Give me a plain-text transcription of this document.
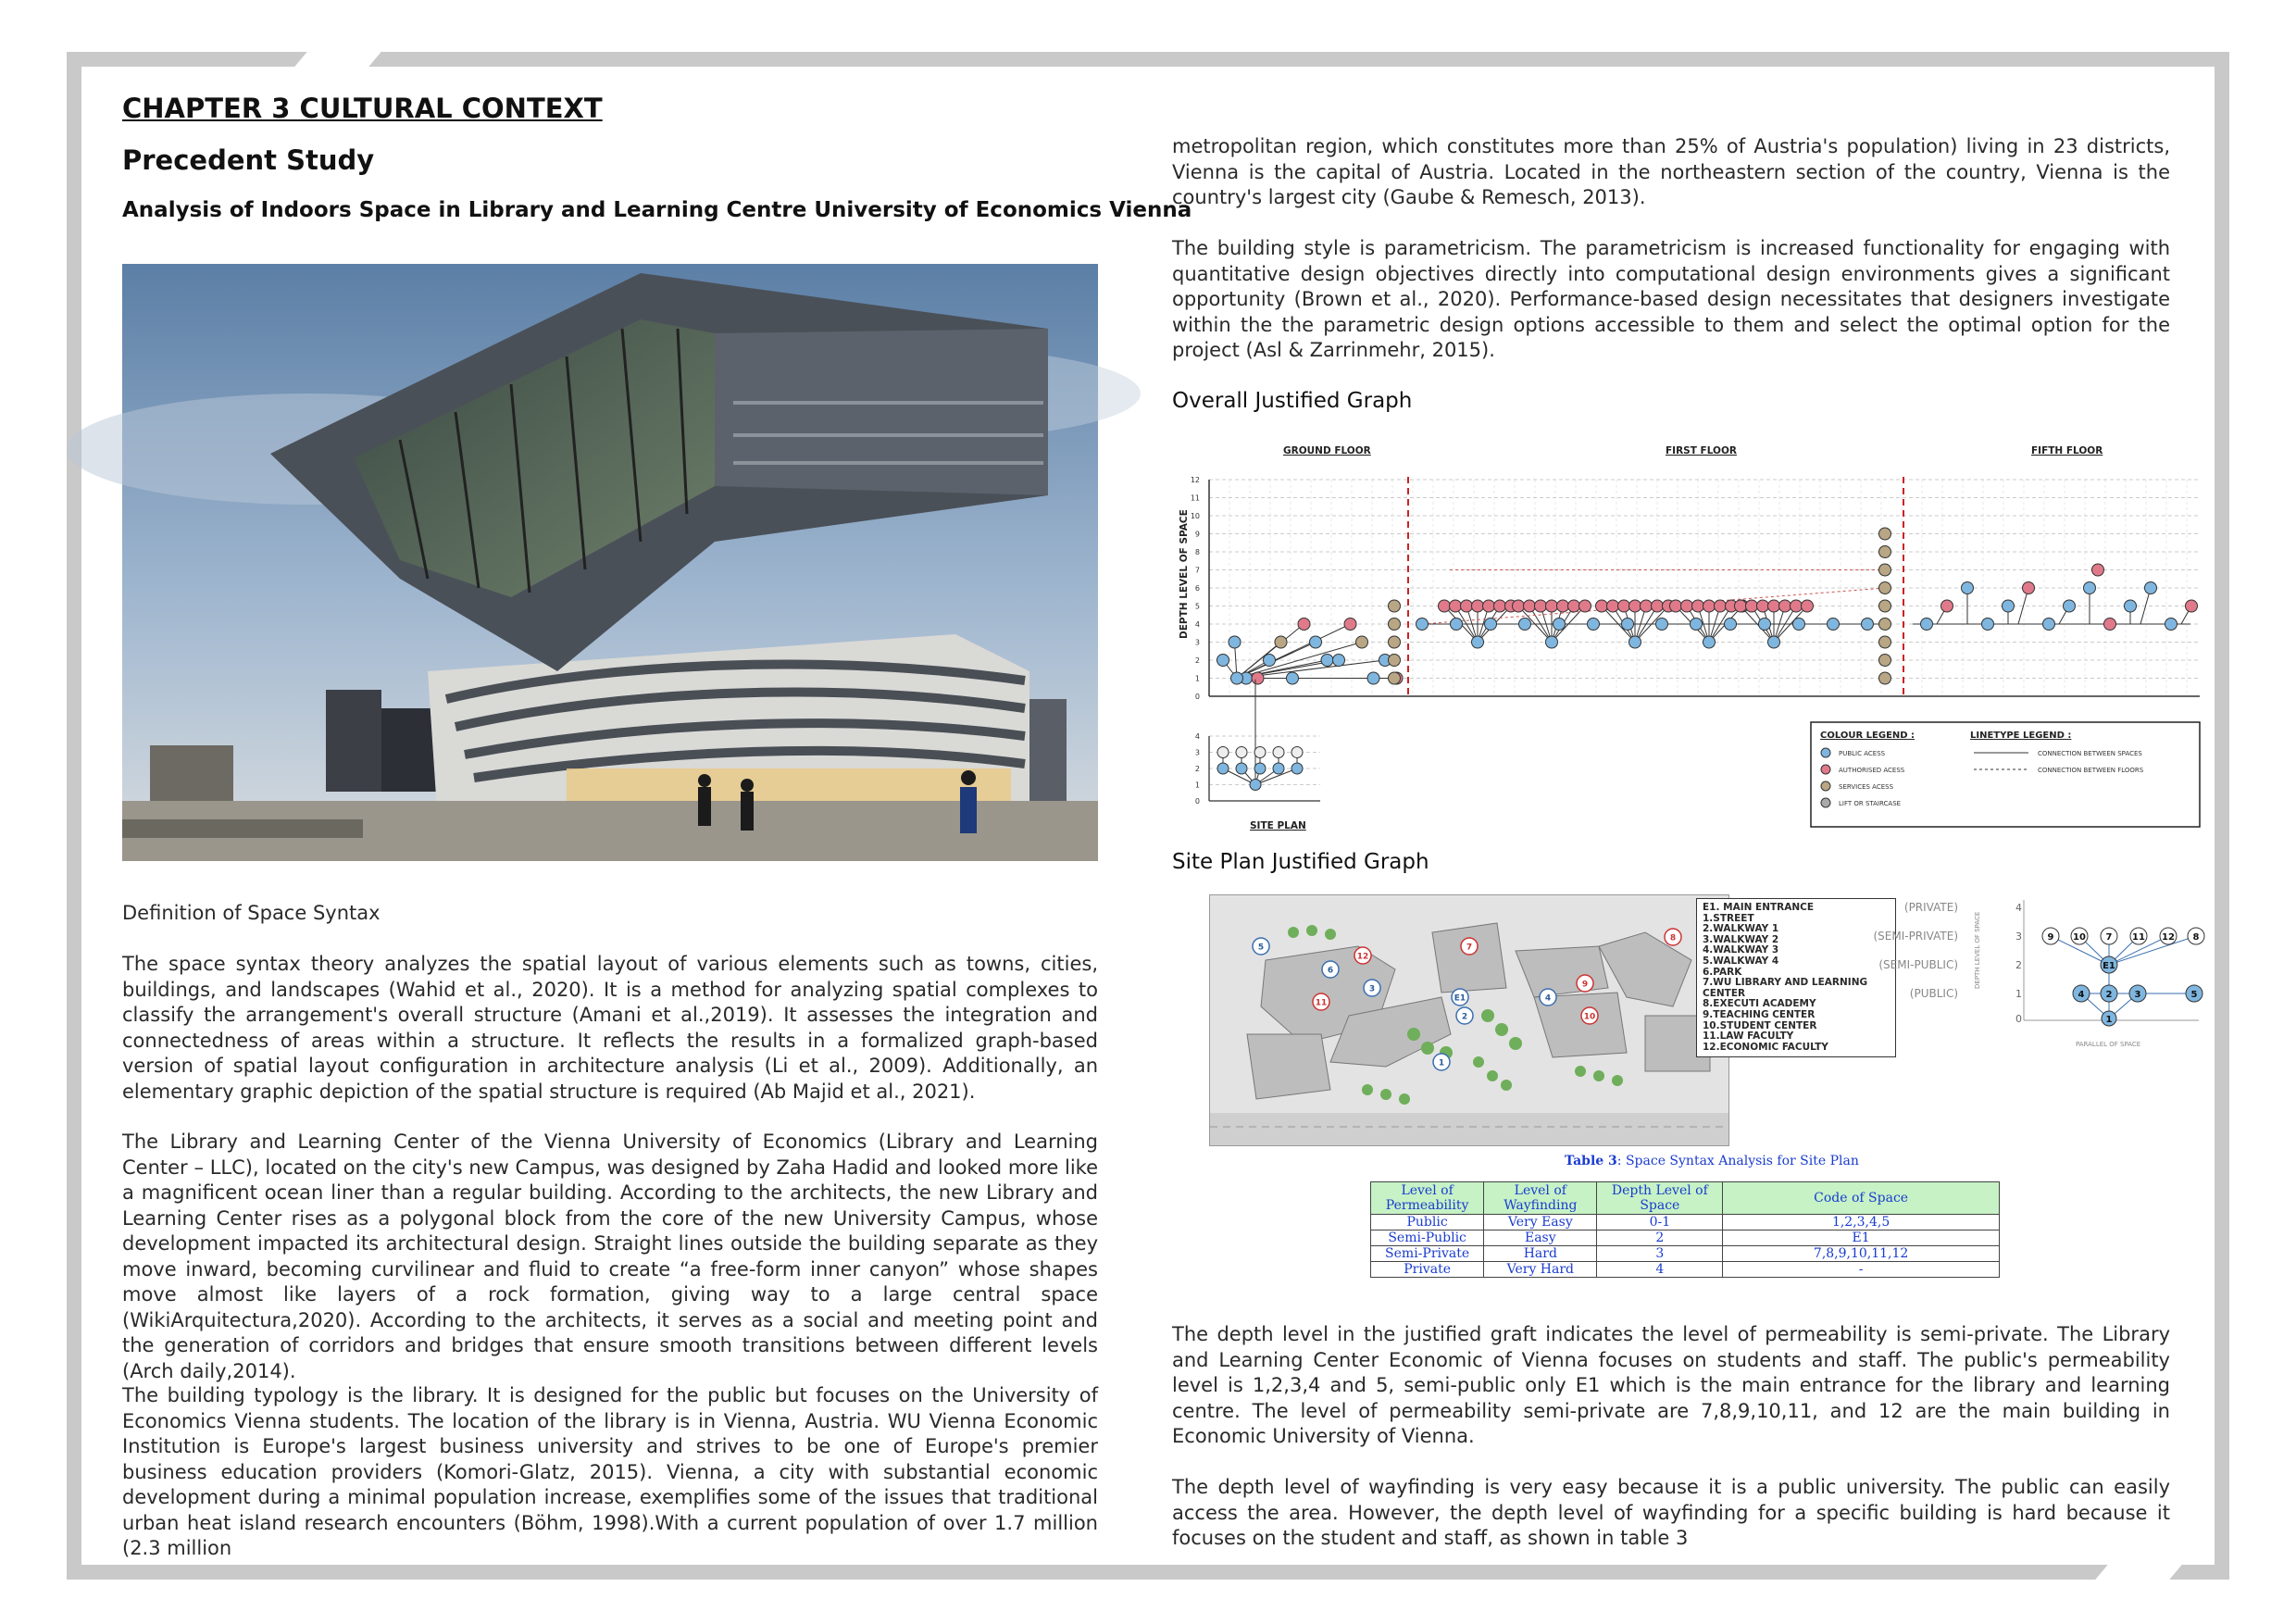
CHAPTER 3 CULTURAL CONTEXT
Precedent Study
Analysis of Indoors Space in Library and Learning Centre University of Economics Vienna

Definition of Space Syntax

The space syntax theory analyzes the spatial layout of various elements such as towns, cities, buildings, and landscapes (Wahid et al., 2020). It is a method for analyzing spatial complexes to classify the arrangement's overall structure (Amani et al.,2019). It assesses the integration and connectedness of areas within a structure. It reflects the results in a formalized graph-based version of spatial layout configuration in architecture analysis (Li et al., 2009). Additionally, an elementary graphic depiction of the spatial structure is required (Ab Majid et al., 2021).

The Library and Learning Center of the Vienna University of Economics (Library and Learning Center – LLC), located on the city's new Campus, was designed by Zaha Hadid and looked more like a magnificent ocean liner than a regular building. According to the architects, the new Library and Learning Center rises as a polygonal block from the core of the new University Campus, whose development impacted its architectural design. Straight lines outside the building separate as they move inward, becoming curvilinear and fluid to create “a free-form inner canyon” whose shapes move almost like layers of a rock formation, giving way to a large central space (WikiArquitectura,2020). According to the architects, it serves as a social and meeting point and the generation of corridors and bridges that ensure smooth transitions between different levels (Arch daily,2014).

The building typology is the library. It is designed for the public but focuses on the University of Economics Vienna students. The location of the library is in Vienna, Austria. WU Vienna Economic Institution is Europe's largest business university and strives to be one of Europe's premier business education providers (Komori-Glatz, 2015). Vienna, a city with substantial economic development during a minimal population increase, exemplifies some of the issues that traditional urban heat island research encounters (Böhm, 1998).With a current population of over 1.7 million (2.3 million

metropolitan region, which constitutes more than 25% of Austria's population) living in 23 districts, Vienna is the capital of Austria. Located in the northeastern section of the country, Vienna is the country's largest city (Gaube & Remesch, 2013).

The building style is parametricism. The parametricism is increased functionality for engaging with quantitative design objectives directly into computational design environments gives a significant opportunity (Brown et al., 2020). Performance-based design necessitates that designers investigate within the the parametric design options accessible to them and select the optimal option for the project (Asl & Zarrinmehr, 2015).

Overall Justified Graph

GROUND FLOOR	FIRST FLOOR	FIFTH FLOOR
DEPTH LEVEL OF SPACE
0
1
2
3
4
5
6
7
8
9
10
11
12
0
1
2
3
4
SITE PLAN
COLOUR LEGEND :	LINETYPE LEGEND :
PUBLIC ACESS
AUTHORISED ACESS
SERVICES ACESS
LIFT OR STAIRCASE
CONNECTION BETWEEN SPACES
CONNECTION BETWEEN FLOORS

Site Plan Justified Graph

1
2
3
4
5
6
7
8
9
10
11
12
E1
E1. MAIN ENTRANCE
1.STREET
2.WALKWAY 1
3.WALKWAY 2
4.WALKWAY 3
5.WALKWAY 4
6.PARK
7.WU LIBRARY AND LEARNING CENTER
8.EXECUTI ACADEMY
9.TEACHING CENTER
10.STUDENT CENTER
11.LAW FACULTY
12.ECONOMIC FACULTY
(PRIVATE)
(SEMI-PRIVATE)
(SEMI-PUBLIC)
(PUBLIC)
4
3
2
1
0
DEPTH LEVEL OF SPACE
PARALLEL OF SPACE
9 10 7 11 12 8
E1
4 2 3	5
1
Table 3: Space Syntax Analysis for Site Plan
Level of Permeability	Level of Wayfinding	Depth Level of Space	Code of Space
Public	Very Easy	0-1	1,2,3,4,5
Semi-Public	Easy	2	E1
Semi-Private	Hard	3	7,8,9,10,11,12
Private	Very Hard	4	-

The depth level in the justified graft indicates the level of permeability is semi-private. The Library and Learning Center Economic of Vienna focuses on students and staff. The public's permeability level is 1,2,3,4 and 5, semi-public only E1 which is the main entrance for the library and learning centre. The level of permeability semi-private are 7,8,9,10,11, and 12 are the main building in Economic University of Vienna.

The depth level of wayfinding is very easy because it is a public university. The public can easily access the area. However, the depth level of wayfinding for a specific building is hard because it focuses on the student and staff, as shown in table 3
